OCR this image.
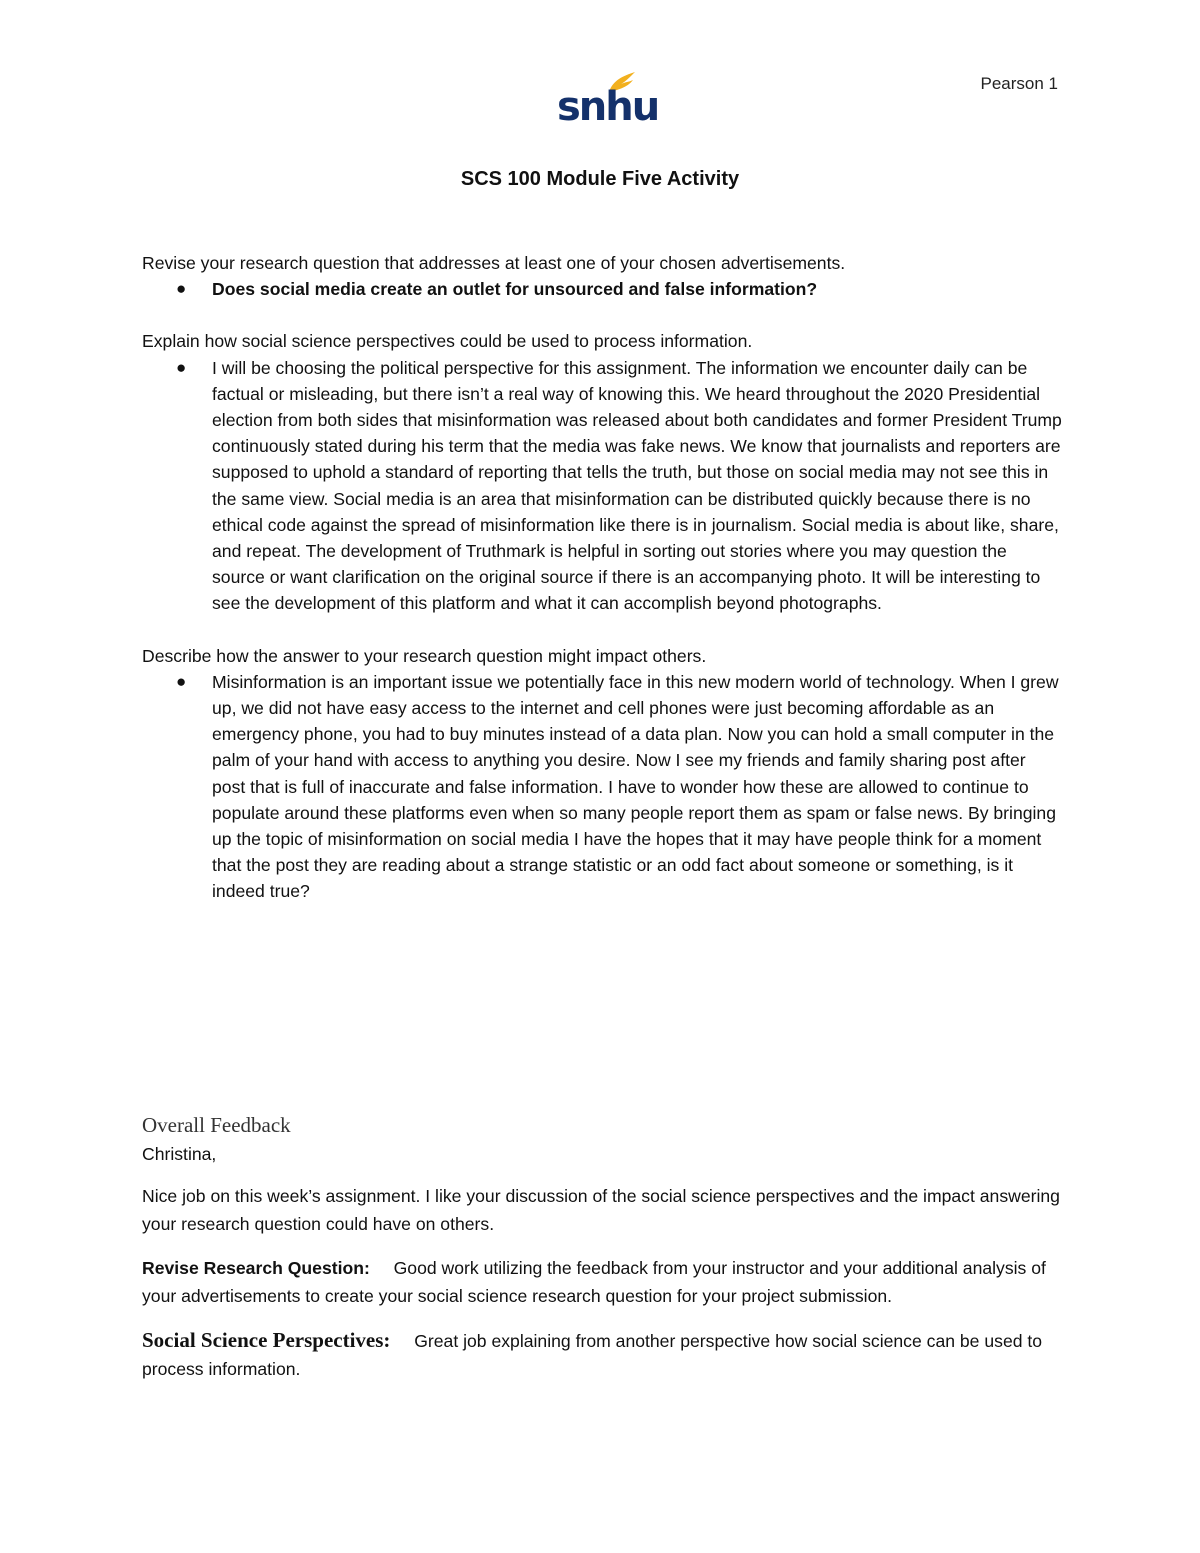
Pearson 1
snhu
SCS 100 Module Five Activity

Revise your research question that addresses at least one of your chosen advertisements.

● Does social media create an outlet for unsourced and false information?

Explain how social science perspectives could be used to process information.

● I will be choosing the political perspective for this assignment. The information we encounter daily can be factual or misleading, but there isn’t a real way of knowing this. We heard throughout the 2020 Presidential election from both sides that misinformation was released about both candidates and former President Trump continuously stated during his term that the media was fake news. We know that journalists and reporters are supposed to uphold a standard of reporting that tells the truth, but those on social media may not see this in the same view. Social media is an area that misinformation can be distributed quickly because there is no ethical code against the spread of misinformation like there is in journalism. Social media is about like, share, and repeat. The development of Truthmark is helpful in sorting out stories where you may question the source or want clarification on the original source if there is an accompanying photo. It will be interesting to see the development of this platform and what it can accomplish beyond photographs.

Describe how the answer to your research question might impact others.

● Misinformation is an important issue we potentially face in this new modern world of technology. When I grew up, we did not have easy access to the internet and cell phones were just becoming affordable as an emergency phone, you had to buy minutes instead of a data plan. Now you can hold a small computer in the palm of your hand with access to anything you desire. Now I see my friends and family sharing post after post that is full of inaccurate and false information. I have to wonder how these are allowed to continue to populate around these platforms even when so many people report them as spam or false news. By bringing up the topic of misinformation on social media I have the hopes that it may have people think for a moment that the post they are reading about a strange statistic or an odd fact about someone or something, is it indeed true?

Overall Feedback

Christina,

Nice job on this week’s assignment. I like your discussion of the social science perspectives and the impact answering your research question could have on others.

Revise Research Question: Good work utilizing the feedback from your instructor and your additional analysis of your advertisements to create your social science research question for your project submission.

Social Science Perspectives: Great job explaining from another perspective how social science can be used to process information.
